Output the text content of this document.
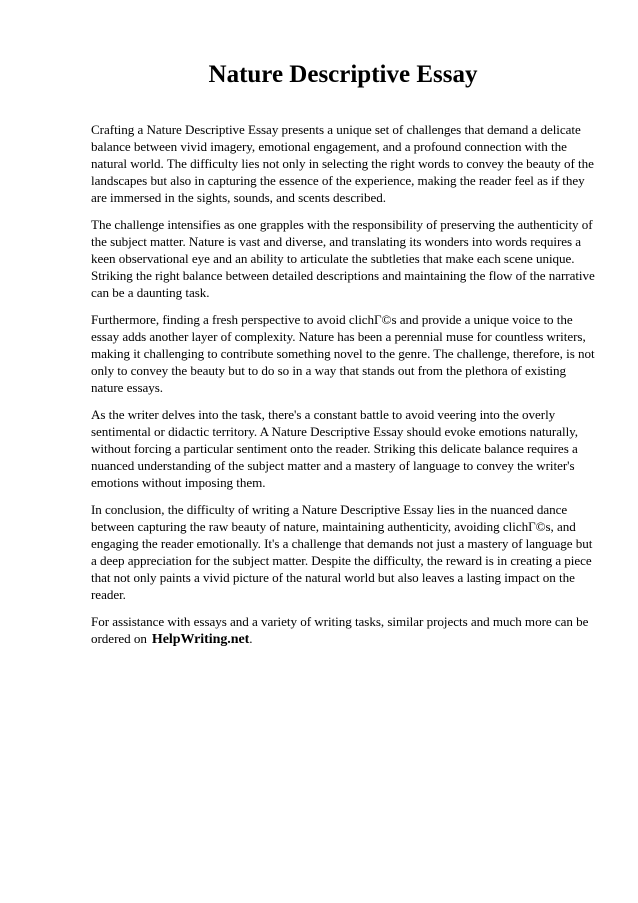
Nature Descriptive Essay

Crafting a Nature Descriptive Essay presents a unique set of challenges that demand a delicate
balance between vivid imagery, emotional engagement, and a profound connection with the
natural world. The difficulty lies not only in selecting the right words to convey the beauty of the
landscapes but also in capturing the essence of the experience, making the reader feel as if they
are immersed in the sights, sounds, and scents described.

The challenge intensifies as one grapples with the responsibility of preserving the authenticity of
the subject matter. Nature is vast and diverse, and translating its wonders into words requires a
keen observational eye and an ability to articulate the subtleties that make each scene unique.
Striking the right balance between detailed descriptions and maintaining the flow of the narrative
can be a daunting task.

Furthermore, finding a fresh perspective to avoid clichГ©s and provide a unique voice to the
essay adds another layer of complexity. Nature has been a perennial muse for countless writers,
making it challenging to contribute something novel to the genre. The challenge, therefore, is not
only to convey the beauty but to do so in a way that stands out from the plethora of existing
nature essays.

As the writer delves into the task, there's a constant battle to avoid veering into the overly
sentimental or didactic territory. A Nature Descriptive Essay should evoke emotions naturally,
without forcing a particular sentiment onto the reader. Striking this delicate balance requires a
nuanced understanding of the subject matter and a mastery of language to convey the writer's
emotions without imposing them.

In conclusion, the difficulty of writing a Nature Descriptive Essay lies in the nuanced dance
between capturing the raw beauty of nature, maintaining authenticity, avoiding clichГ©s, and
engaging the reader emotionally. It's a challenge that demands not just a mastery of language but
a deep appreciation for the subject matter. Despite the difficulty, the reward is in creating a piece
that not only paints a vivid picture of the natural world but also leaves a lasting impact on the
reader.

For assistance with essays and a variety of writing tasks, similar projects and much more can be
ordered on HelpWriting.net.
